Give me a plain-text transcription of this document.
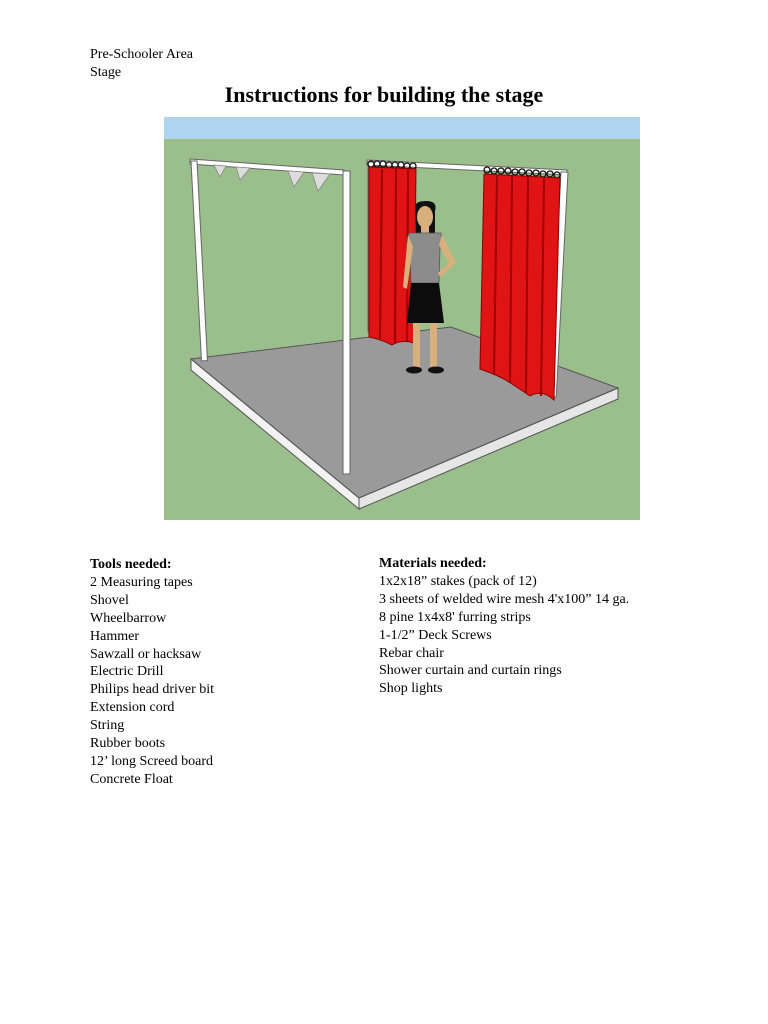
Pre-Schooler Area
Stage
Instructions for building the stage
Tools needed:
2 Measuring tapes
Shovel
Wheelbarrow
Hammer
Sawzall or hacksaw
Electric Drill
Philips head driver bit
Extension cord
String
Rubber boots
12’ long Screed board
Concrete Float
Materials needed:
1x2x18” stakes (pack of 12)
3 sheets of welded wire mesh 4'x100” 14 ga.
8 pine 1x4x8' furring strips
1-1/2” Deck Screws
Rebar chair
Shower curtain and curtain rings
Shop lights
